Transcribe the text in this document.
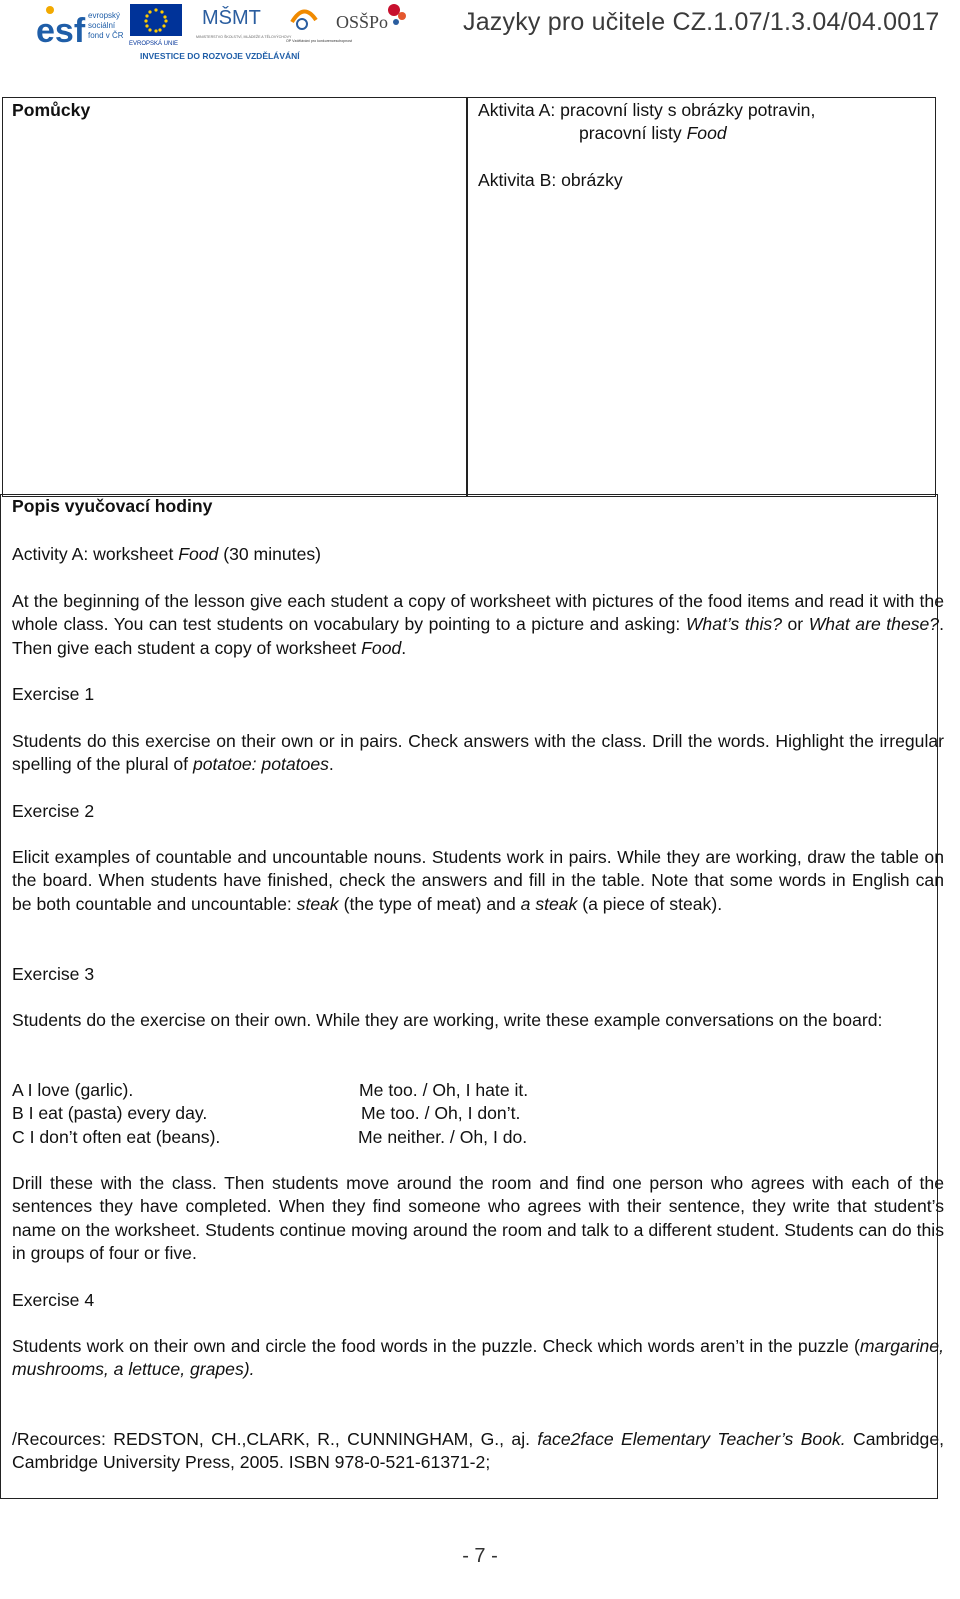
esf evropský
sociální
fond v ČR
EVROPSKÁ UNIE
MŠMT
MINISTERSTVO ŠKOLSTVÍ, MLÁDEŽE A TĚLOVÝCHOVY
OP Vzdělávání pro konkurenceschopnost
OSŠPo
INVESTICE DO ROZVOJE VZDĚLÁVÁNÍ
Jazyky pro učitele CZ.1.07/1.3.04/04.0017
Pomůcky	Aktivita A: pracovní listy s obrázky potravin,
pracovní listy Food
Aktivita B: obrázky
Popis vyučovací hodiny
Activity A: worksheet Food (30 minutes)
At the beginning of the lesson give each student a copy of worksheet with pictures of the food items and read it with the whole class. You can test students on vocabulary by pointing to a picture and asking: What’s this? or What are these?. Then give each student a copy of worksheet Food.
Exercise 1
Students do this exercise on their own or in pairs. Check answers with the class. Drill the words. Highlight the irregular spelling of the plural of potatoe: potatoes.
Exercise 2
Elicit examples of countable and uncountable nouns. Students work in pairs. While they are working, draw the table on the board. When students have finished, check the answers and fill in the table. Note that some words in English can be both countable and uncountable: steak (the type of meat) and a steak (a piece of steak).
Exercise 3
Students do the exercise on their own. While they are working, write these example conversations on the board:
A I love (garlic).	Me too. / Oh, I hate it.
B I eat (pasta) every day.	Me too. / Oh, I don’t.
C I don’t often eat (beans).	Me neither. / Oh, I do.
Drill these with the class. Then students move around the room and find one person who agrees with each of the sentences they have completed. When they find someone who agrees with their sentence, they write that student’s name on the worksheet. Students continue moving around the room and talk to a different student. Students can do this in groups of four or five.
Exercise 4
Students work on their own and circle the food words in the puzzle. Check which words aren’t in the puzzle (margarine, mushrooms, a lettuce, grapes).
/Recources: REDSTON, CH.,CLARK, R., CUNNINGHAM, G., aj. face2face Elementary Teacher’s Book. Cambridge, Cambridge University Press, 2005. ISBN 978-0-521-61371-2;
- 7 -
